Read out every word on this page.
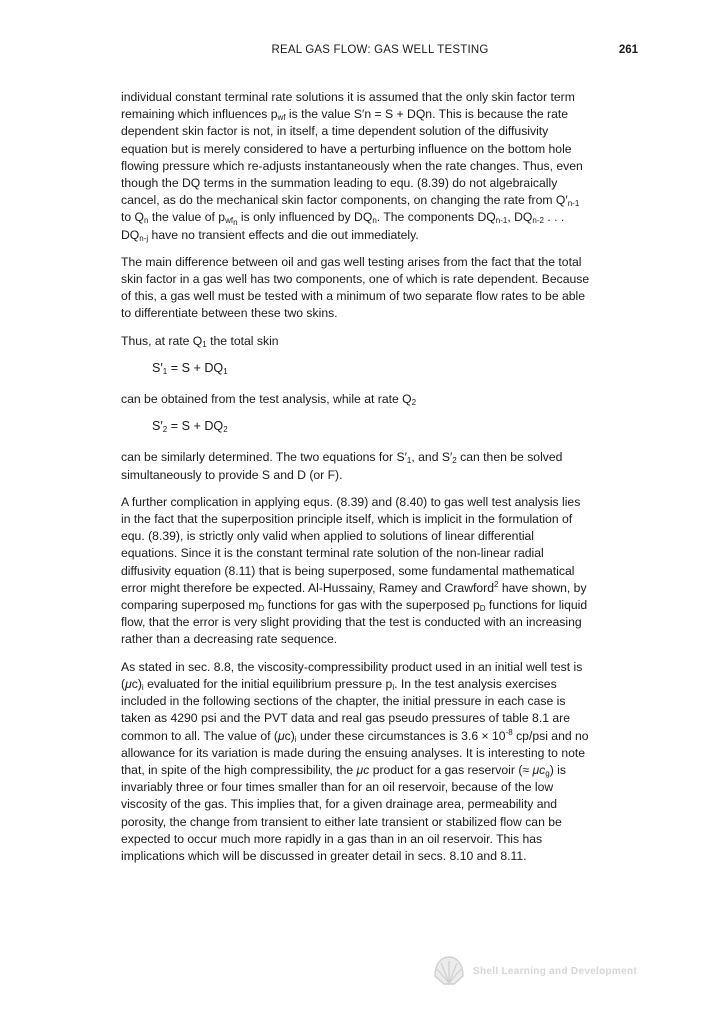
REAL GAS FLOW: GAS WELL TESTING	261

individual constant terminal rate solutions it is assumed that the only skin factor term
remaining which influences $p_{wf}$ is the value S′n = S + DQn. This is because the rate
dependent skin factor is not, in itself, a time dependent solution of the diffusivity
equation but is merely considered to have a perturbing influence on the bottom hole
flowing pressure which re-adjusts instantaneously when the rate changes. Thus, even
though the DQ terms in the summation leading to equ. (8.39) do not algebraically
cancel, as do the mechanical skin factor components, on changing the rate from $Q'_{n-1}$
to $Q_n$ the value of $p_{wf_n}$ is only influenced by $DQ_n$. The components $DQ_{n-1}$, $DQ_{n-2}$ . . .
$DQ_{n-j}$ have no transient effects and die out immediately.

The main difference between oil and gas well testing arises from the fact that the total
skin factor in a gas well has two components, one of which is rate dependent. Because
of this, a gas well must be tested with a minimum of two separate flow rates to be able
to differentiate between these two skins.

Thus, at rate $Q_1$ the total skin

$S'_1 = S + DQ_1$

can be obtained from the test analysis, while at rate $Q_2$

$S'_2 = S + DQ_2$

can be similarly determined. The two equations for $S'_1$, and $S'_2$ can then be solved
simultaneously to provide S and D (or F).

A further complication in applying equs. (8.39) and (8.40) to gas well test analysis lies
in the fact that the superposition principle itself, which is implicit in the formulation of
equ. (8.39), is strictly only valid when applied to solutions of linear differential
equations. Since it is the constant terminal rate solution of the non-linear radial
diffusivity equation (8.11) that is being superposed, some fundamental mathematical
error might therefore be expected. Al-Hussainy, Ramey and Crawford$^2$ have shown, by
comparing superposed $m_D$ functions for gas with the superposed $p_D$ functions for liquid
flow, that the error is very slight providing that the test is conducted with an increasing
rather than a decreasing rate sequence.

As stated in sec. 8.8, the viscosity-compressibility product used in an initial well test is
$(\mu c)_i$ evaluated for the initial equilibrium pressure $p_i$. In the test analysis exercises
included in the following sections of the chapter, the initial pressure in each case is
taken as 4290 psi and the PVT data and real gas pseudo pressures of table 8.1 are
common to all. The value of $(\mu c)_i$ under these circumstances is $3.6 \times 10^{-8}$ cp/psi and no
allowance for its variation is made during the ensuing analyses. It is interesting to note
that, in spite of the high compressibility, the μc product for a gas reservoir (≈ $\mu c_g$) is
invariably three or four times smaller than for an oil reservoir, because of the low
viscosity of the gas. This implies that, for a given drainage area, permeability and
porosity, the change from transient to either late transient or stabilized flow can be
expected to occur much more rapidly in a gas than in an oil reservoir. This has
implications which will be discussed in greater detail in secs. 8.10 and 8.11.

Shell Learning and Development
